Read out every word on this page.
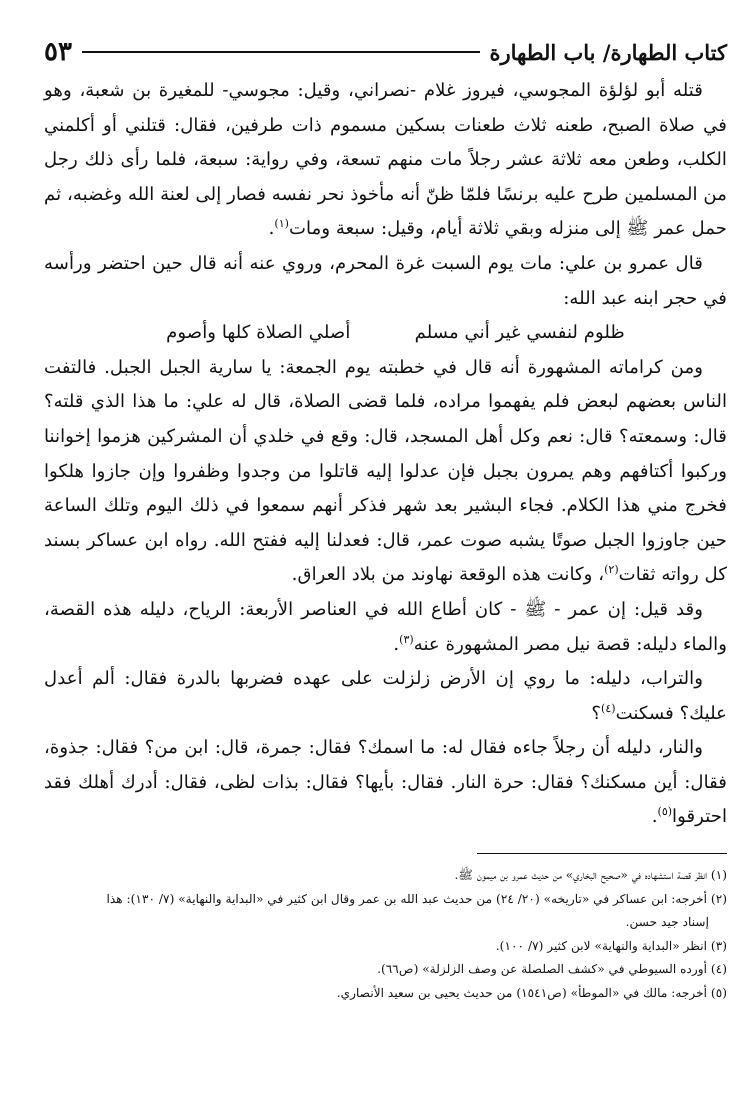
كتاب الطهارة/ باب الطهارة
٥٣

قتله أبو لؤلؤة المجوسي، فيروز غلام -نصراني، وقيل: مجوسي- للمغيرة بن شعبة، وهو في صلاة الصبح، طعنه ثلاث طعنات بسكين مسموم ذات طرفين، فقال: قتلني أو أكلمني الكلب، وطعن معه ثلاثة عشر رجلاً مات منهم تسعة، وفي رواية: سبعة، فلما رأى ذلك رجل من المسلمين طرح عليه برنسًا فلمّا ظنّ أنه مأخوذ نحر نفسه فصار إلى لعنة الله وغضبه، ثم حمل عمر ﷺ إلى منزله وبقي ثلاثة أيام، وقيل: سبعة ومات$^{(١)}$.

قال عمرو بن علي: مات يوم السبت غرة المحرم، وروي عنه أنه قال حين احتضر ورأسه في حجر ابنه عبد الله:

ظلوم لنفسي غير أني مسلم
أصلي الصلاة كلها وأصوم

ومن كراماته المشهورة أنه قال في خطبته يوم الجمعة: يا سارية الجبل الجبل. فالتفت الناس بعضهم لبعض فلم يفهموا مراده، فلما قضى الصلاة، قال له علي: ما هذا الذي قلته؟ قال: وسمعته؟ قال: نعم وكل أهل المسجد، قال: وقع في خلدي أن المشركين هزموا إخواننا وركبوا أكتافهم وهم يمرون بجبل فإن عدلوا إليه قاتلوا من وجدوا وظفروا وإن جازوا هلكوا فخرج مني هذا الكلام. فجاء البشير بعد شهر فذكر أنهم سمعوا في ذلك اليوم وتلك الساعة حين جاوزوا الجبل صوتًا يشبه صوت عمر، قال: فعدلنا إليه ففتح الله. رواه ابن عساكر بسند كل رواته ثقات$^{(٢)}$، وكانت هذه الوقعة نهاوند من بلاد العراق.

وقد قيل: إن عمر - ﷺ - كان أطاع الله في العناصر الأربعة: الرياح، دليله هذه القصة، والماء دليله: قصة نيل مصر المشهورة عنه$^{(٣)}$.

والتراب، دليله: ما روي إن الأرض زلزلت على عهده فضربها بالدرة فقال: ألم أعدل عليك؟ فسكنت$^{(٤)}$؟

والنار، دليله أن رجلاً جاءه فقال له: ما اسمك؟ فقال: جمرة، قال: ابن من؟ فقال: جذوة، فقال: أين مسكنك؟ فقال: حرة النار. فقال: بأيها؟ فقال: بذات لظى، فقال: أدرك أهلك فقد احترقوا$^{(٥)}$.

(١) انظر قصة استشهاده في «صحيح البخاري» من حديث عمرو بن ميمون ﷺ.

(٢) أخرجه: ابن عساكر في «تاريخه» (٢٠/ ٢٤) من حديث عبد الله بن عمر وقال ابن كثير في «البداية والنهاية» (٧/ ١٣٠): هذا

إسناد جيد حسن.

(٣) انظر «البداية والنهاية» لابن كثير (٧/ ١٠٠).

(٤) أورده السيوطي في «كشف الصلصلة عن وصف الزلزلة» (ص٦٦).

(٥) أخرجه: مالك في «الموطأ» (ص١٥٤١) من حديث يحيى بن سعيد الأنصاري.
